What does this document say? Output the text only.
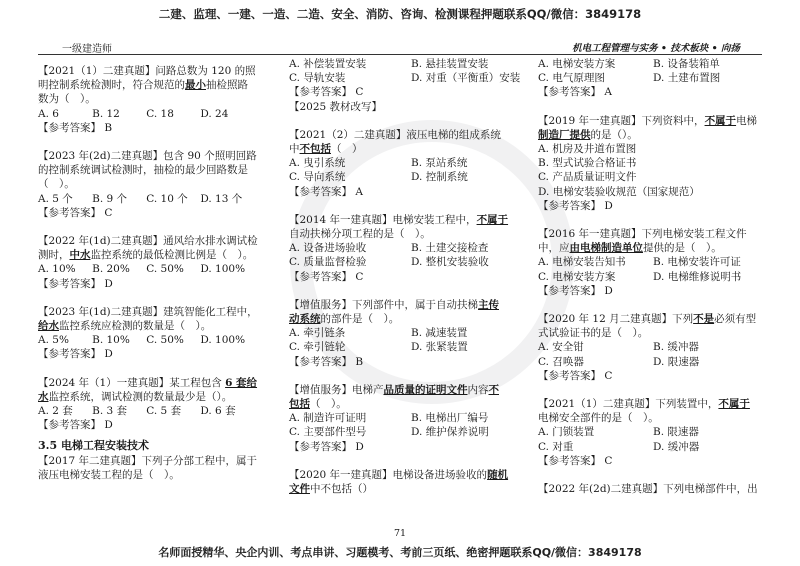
二建、监理、一建、一造、二造、安全、消防、咨询、检测课程押题联系QQ/微信：3849178
一级建造师	机电工程管理与实务 • 技术板块 • 向扬
【2021（1）二建真题】问路总数为 120 的照
明控制系统检测时，符合规范的最小抽检照路
数为（　）。
A. 6	B. 12	C. 18	D. 24
【参考答案】 B
【2023 年(2d)二建真题】包含 90 个照明回路
的控制系统调试检测时，抽检的最少回路数是
（　）。
A. 5 个	B. 9 个	C. 10 个	D. 13 个
【参考答案】 C
【2022 年(1d)二建真题】通风给水排水调试检
测时，中水监控系统的最低检测比例是（　）。
A. 10%	B. 20%	C. 50%	D. 100%
【参考答案】 D
【2023 年(1d)二建真题】建筑智能化工程中，
给水监控系统应检测的数量是（　）。
A. 5%	B. 10%	C. 50%	D. 100%
【参考答案】 D
【2024 年（1）一建真题】某工程包含 6 套给
水监控系统，调试检测的数量最少是（）。
A. 2 套	B. 3 套	C. 5 套	D. 6 套
【参考答案】 D
3.5 电梯工程安装技术
【2017 年二建真题】下列子分部工程中，属于
液压电梯安装工程的是（　）。
A. 补偿装置安装	B. 悬挂装置安装
C. 导轨安装	D. 对重（平衡重）安装
【参考答案】 C
【2025 教材改写】
【2021（2）二建真题】液压电梯的组成系统
中不包括（　）
A. 曳引系统	B. 泵站系统
C. 导向系统	D. 控制系统
【参考答案】 A
【2014 年一建真题】电梯安装工程中，不属于
自动扶梯分项工程的是（　）。
A. 设备进场验收	B. 土建交接检查
C. 质量监督检验	D. 整机安装验收
【参考答案】 C
【增值服务】下列部件中，属于自动扶梯主传
动系统的部件是（　）。
A. 牵引链条	B. 减速装置
C. 牵引链轮	D. 张紧装置
【参考答案】 B
【增值服务】电梯产品质量的证明文件内容不
包括（　）。
A. 制造许可证明	B. 电梯出厂编号
C. 主要部件型号	D. 维护保养说明
【参考答案】 D
【2020 年一建真题】电梯设备进场验收的随机
文件中不包括（）
A. 电梯安装方案	B. 设备装箱单
C. 电气原理图	D. 土建布置图
【参考答案】 A
【2019 年一建真题】下列资料中，不属于电梯
制造厂提供的是（）。
A. 机房及井道布置图
B. 型式试验合格证书
C. 产品质量证明文件
D. 电梯安装验收规范（国家规范）
【参考答案】 D
【2016 年一建真题】下列电梯安装工程文件
中，应由电梯制造单位提供的是（　）。
A. 电梯安装告知书	B. 电梯安装许可证
C. 电梯安装方案	D. 电梯维修说明书
【参考答案】 D
【2020 年 12 月二建真题】下列不是必须有型
式试验证书的是（　）。
A. 安全钳	B. 缓冲器
C. 召唤器	D. 限速器
【参考答案】 C
【2021（1）二建真题】下列装置中，不属于
电梯安全部件的是（　）。
A. 门锁装置	B. 限速器
C. 对重	D. 缓冲器
【参考答案】 C
【2022 年(2d)二建真题】下列电梯部件中，出
71
名师面授精华、央企内训、考点串讲、习题模考、考前三页纸、绝密押题联系QQ/微信：3849178
